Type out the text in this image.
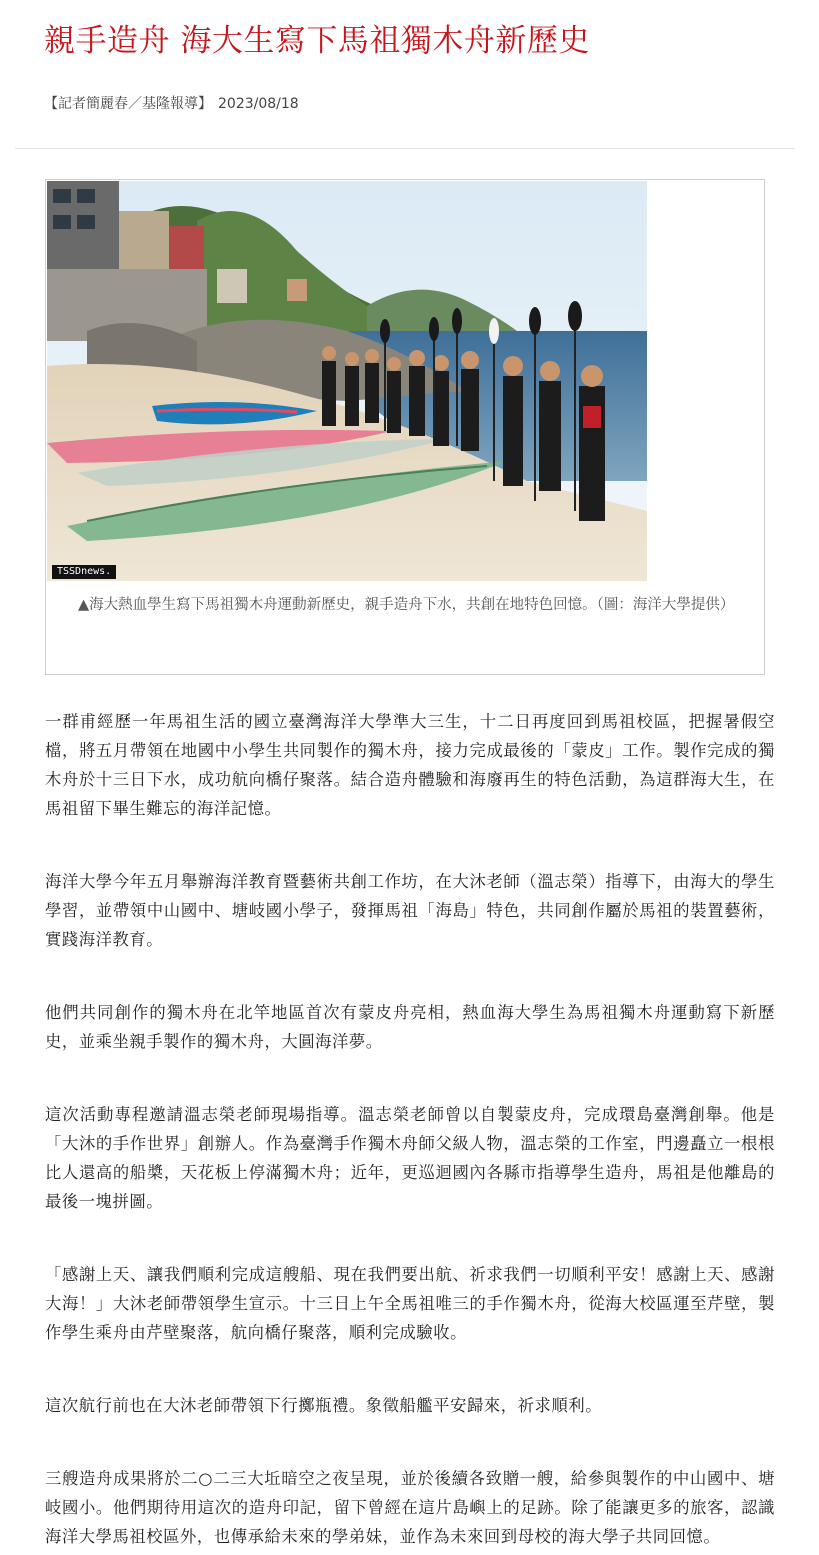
親手造舟 海大生寫下馬祖獨木舟新歷史
【記者簡麗春／基隆報導】 2023/08/18
TSSDnews.

▲海大熱血學生寫下馬祖獨木舟運動新歷史，親手造舟下水，共創在地特色回憶。（圖：海洋大學提供）

一群甫經歷一年馬祖生活的國立臺灣海洋大學準大三生，十二日再度回到馬祖校區，把握暑假空檔，將五月帶領在地國中小學生共同製作的獨木舟，接力完成最後的「蒙皮」工作。製作完成的獨木舟於十三日下水，成功航向橋仔聚落。結合造舟體驗和海廢再生的特色活動，為這群海大生，在馬祖留下畢生難忘的海洋記憶。

海洋大學今年五月舉辦海洋教育暨藝術共創工作坊，在大沐老師（溫志榮）指導下，由海大的學生學習，並帶領中山國中、塘岐國小學子，發揮馬祖「海島」特色，共同創作屬於馬祖的裝置藝術，實踐海洋教育。

他們共同創作的獨木舟在北竿地區首次有蒙皮舟亮相，熱血海大學生為馬祖獨木舟運動寫下新歷史，並乘坐親手製作的獨木舟，大圓海洋夢。

這次活動專程邀請溫志榮老師現場指導。溫志榮老師曾以自製蒙皮舟，完成環島臺灣創舉。他是「大沐的手作世界」創辦人。作為臺灣手作獨木舟師父級人物，溫志榮的工作室，門邊矗立一根根比人還高的船槳，天花板上停滿獨木舟；近年，更巡迴國內各縣市指導學生造舟，馬祖是他離島的最後一塊拼圖。

「感謝上天、讓我們順利完成這艘船、現在我們要出航、祈求我們一切順利平安！感謝上天、感謝大海！」大沐老師帶領學生宣示。十三日上午全馬祖唯三的手作獨木舟，從海大校區運至芹壁，製作學生乘舟由芹壁聚落，航向橋仔聚落，順利完成驗收。

這次航行前也在大沐老師帶領下行擲瓶禮。象徵船艦平安歸來，祈求順利。

三艘造舟成果將於二○二三大坵暗空之夜呈現，並於後續各致贈一艘，給參與製作的中山國中、塘岐國小。他們期待用這次的造舟印記，留下曾經在這片島嶼上的足跡。除了能讓更多的旅客，認識海洋大學馬祖校區外，也傳承給未來的學弟妹，並作為未來回到母校的海大學子共同回憶。
